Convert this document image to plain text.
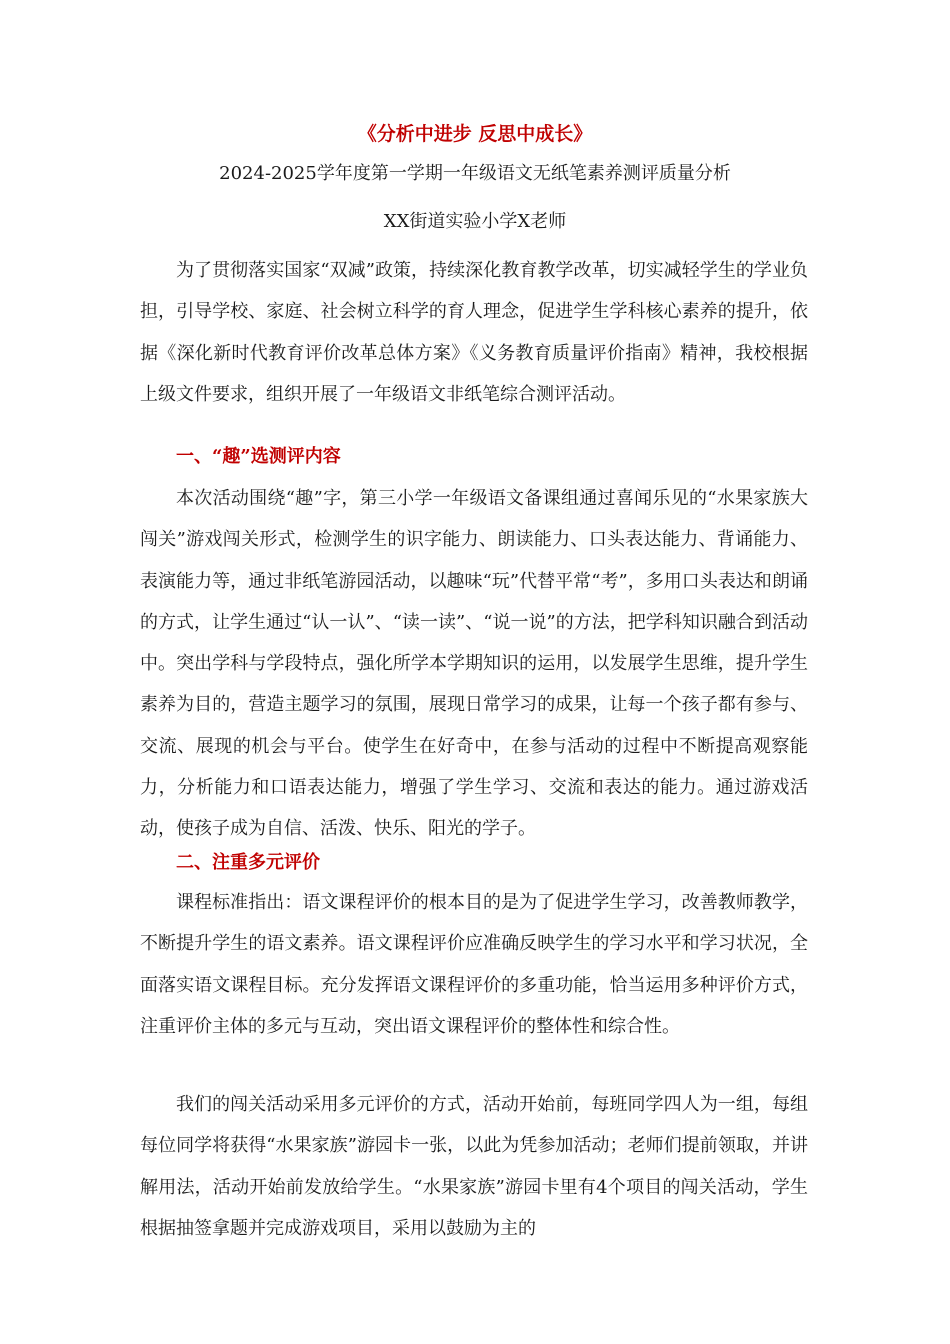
《分析中进步 反思中成长》
2024-2025学年度第一学期一年级语文无纸笔素养测评质量分析
XX街道实验小学X老师

为了贯彻落实国家“双减”政策，持续深化教育教学改革，切实减轻学生的学业负担，引导学校、家庭、社会树立科学的育人理念，促进学生学科核心素养的提升，依据《深化新时代教育评价改革总体方案》《义务教育质量评价指南》精神，我校根据上级文件要求，组织开展了一年级语文非纸笔综合测评活动。

一、“趣”选测评内容

本次活动围绕“趣”字，第三小学一年级语文备课组通过喜闻乐见的“水果家族大闯关”游戏闯关形式，检测学生的识字能力、朗读能力、口头表达能力、背诵能力、表演能力等，通过非纸笔游园活动，以趣味“玩”代替平常“考”，多用口头表达和朗诵的方式，让学生通过“认一认”、“读一读”、“说一说”的方法，把学科知识融合到活动中。突出学科与学段特点，强化所学本学期知识的运用，以发展学生思维，提升学生素养为目的，营造主题学习的氛围，展现日常学习的成果，让每一个孩子都有参与、交流、展现的机会与平台。使学生在好奇中，在参与活动的过程中不断提高观察能力，分析能力和口语表达能力，增强了学生学习、交流和表达的能力。通过游戏活动，使孩子成为自信、活泼、快乐、阳光的学子。

二、注重多元评价

课程标准指出：语文课程评价的根本目的是为了促进学生学习，改善教师教学，不断提升学生的语文素养。语文课程评价应准确反映学生的学习水平和学习状况，全面落实语文课程目标。充分发挥语文课程评价的多重功能，恰当运用多种评价方式，注重评价主体的多元与互动，突出语文课程评价的整体性和综合性。

我们的闯关活动采用多元评价的方式，活动开始前，每班同学四人为一组，每组每位同学将获得“水果家族”游园卡一张，以此为凭参加活动；老师们提前领取，并讲解用法，活动开始前发放给学生。“水果家族”游园卡里有4个项目的闯关活动，学生根据抽签拿题并完成游戏项目，采用以鼓励为主的
